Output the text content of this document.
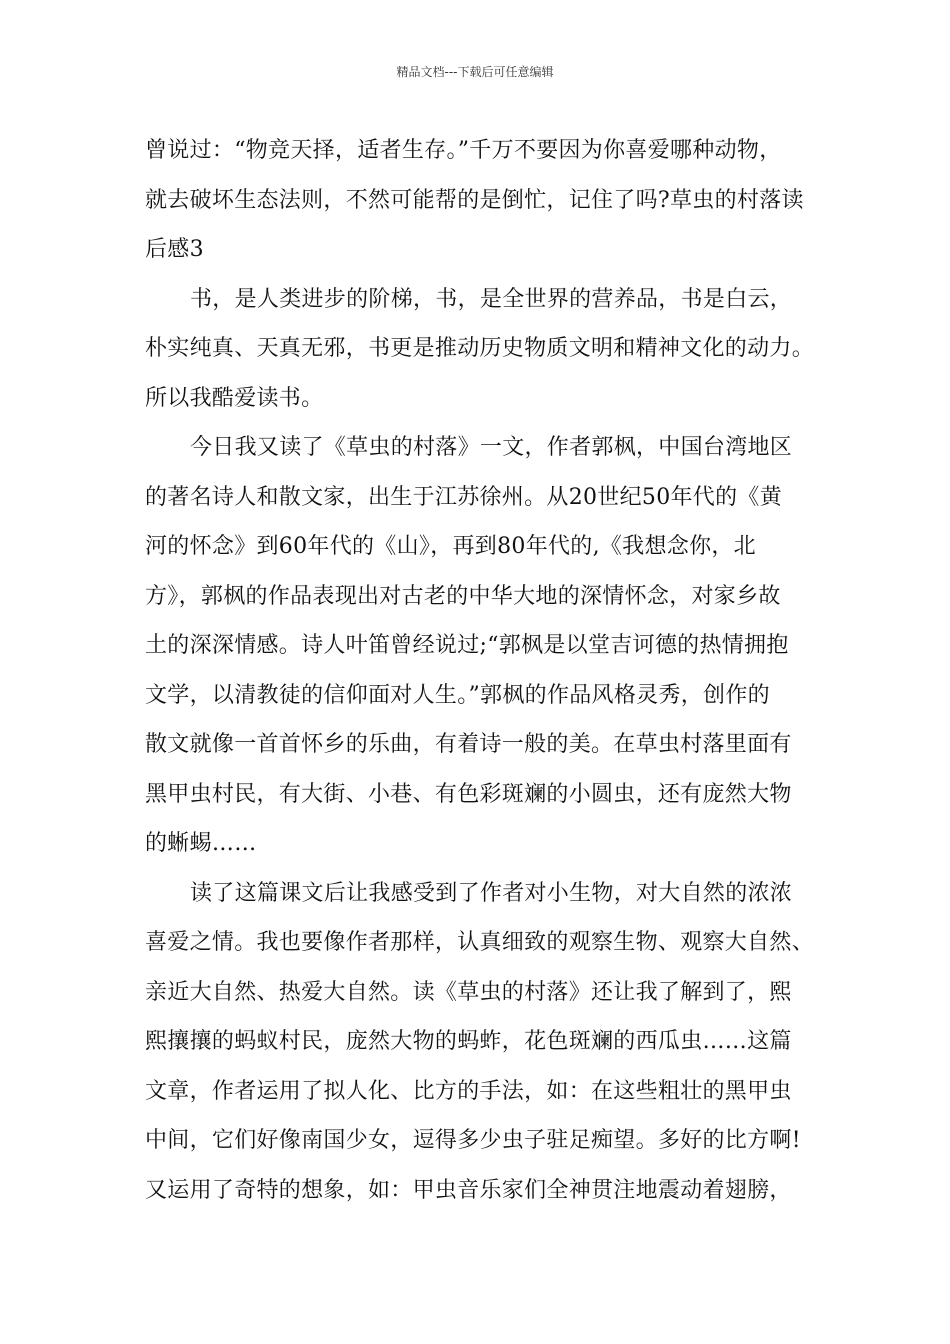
精品文档---下载后可任意编辑
曾说过：“物竞天择，适者生存。”千万不要因为你喜爱哪种动物，
就去破坏生态法则，不然可能帮的是倒忙，记住了吗?草虫的村落读
后感3
书，是人类进步的阶梯，书，是全世界的营养品，书是白云，
朴实纯真、天真无邪，书更是推动历史物质文明和精神文化的动力。
所以我酷爱读书。
今日我又读了《草虫的村落》一文，作者郭枫，中国台湾地区
的著名诗人和散文家，出生于江苏徐州。从20世纪50年代的《黄
河的怀念》到60年代的《山》，再到80年代的,《我想念你，北
方》，郭枫的作品表现出对古老的中华大地的深情怀念，对家乡故
土的深深情感。诗人叶笛曾经说过;“郭枫是以堂吉诃德的热情拥抱
文学，以清教徒的信仰面对人生。”郭枫的作品风格灵秀，创作的
散文就像一首首怀乡的乐曲，有着诗一般的美。在草虫村落里面有
黑甲虫村民，有大街、小巷、有色彩斑斓的小圆虫，还有庞然大物
的蜥蜴……
读了这篇课文后让我感受到了作者对小生物，对大自然的浓浓
喜爱之情。我也要像作者那样，认真细致的观察生物、观察大自然、
亲近大自然、热爱大自然。读《草虫的村落》还让我了解到了，熙
熙攘攘的蚂蚁村民，庞然大物的蚂蚱，花色斑斓的西瓜虫……这篇
文章，作者运用了拟人化、比方的手法，如：在这些粗壮的黑甲虫
中间，它们好像南国少女，逗得多少虫子驻足痴望。多好的比方啊!
又运用了奇特的想象，如：甲虫音乐家们全神贯注地震动着翅膀，
